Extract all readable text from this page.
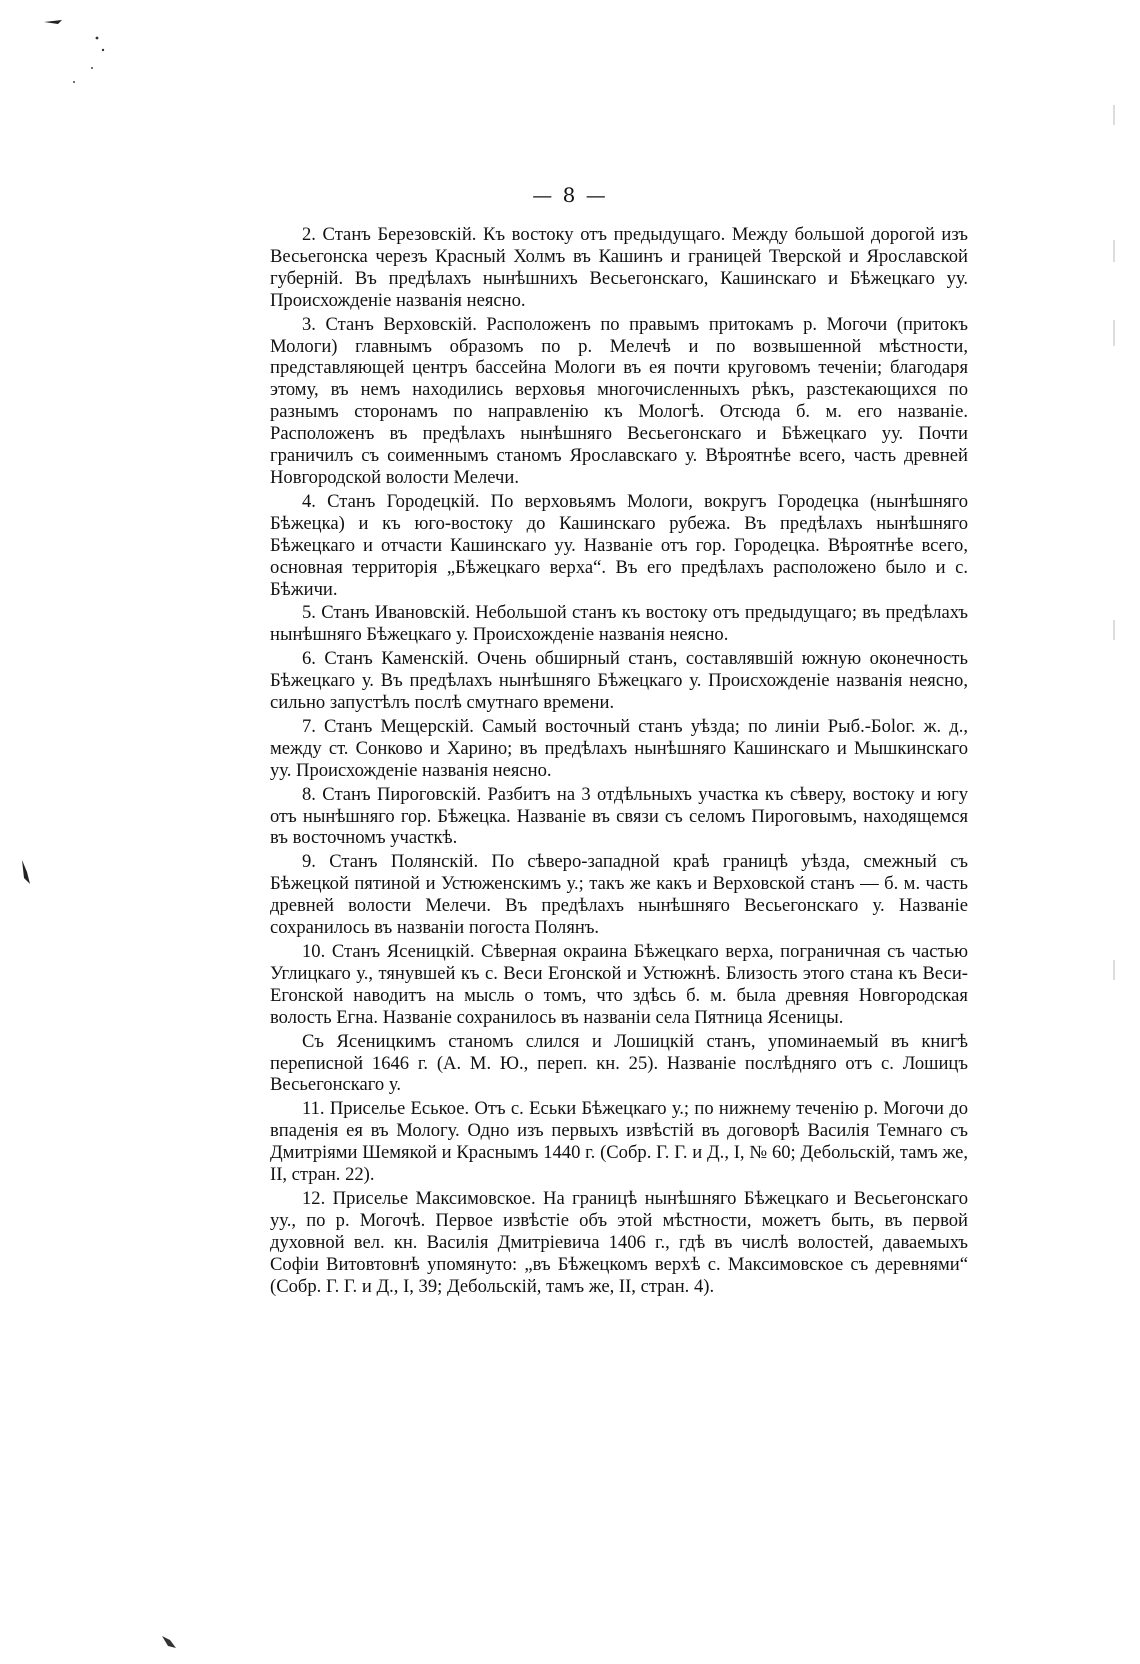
— 8 —

2. Станъ Березовскій. Къ востоку отъ предыдущаго. Между большой дорогой изъ Весьегонска черезъ Красный Холмъ въ Кашинъ и границей Тверской и Ярославской губерній. Въ предѣлахъ нынѣшнихъ Весьегонскаго, Кашинскаго и Бѣжецкаго уу. Происхожденіе названія неясно.

3. Станъ Верховскій. Расположенъ по правымъ притокамъ р. Могочи (притокъ Мологи) главнымъ образомъ по р. Мелечѣ и по возвышенной мѣстности, представляющей центръ бассейна Мологи въ ея почти круговомъ теченіи; благодаря этому, въ немъ находились верховья многочисленныхъ рѣкъ, разстекающихся по разнымъ сторонамъ по направленію къ Мологѣ. Отсюда б. м. его названіе. Расположенъ въ предѣлахъ нынѣшняго Весьегонскаго и Бѣжецкаго уу. Почти граничилъ съ соименнымъ станомъ Ярославскаго у. Вѣроятнѣе всего, часть древней Новгородской волости Мелечи.

4. Станъ Городецкій. По верховьямъ Мологи, вокругъ Городецка (нынѣшняго Бѣжецка) и къ юго-востоку до Кашинскаго рубежа. Въ предѣлахъ нынѣшняго Бѣжецкаго и отчасти Кашинскаго уу. Названіе отъ гор. Городецка. Вѣроятнѣе всего, основная территорія „Бѣжецкаго верха“. Въ его предѣлахъ расположено было и с. Бѣжичи.

5. Станъ Ивановскій. Небольшой станъ къ востоку отъ предыдущаго; въ предѣлахъ нынѣшняго Бѣжецкаго у. Происхожденіе названія неясно.

6. Станъ Каменскій. Очень обширный станъ, составлявшій южную оконечность Бѣжецкаго у. Въ предѣлахъ нынѣшняго Бѣжецкаго у. Происхожденіе названія неясно, сильно запустѣлъ послѣ смутнаго времени.

7. Станъ Мещерскій. Самый восточный станъ уѣзда; по линіи Рыб.-Бolог. ж. д., между ст. Сонково и Харино; въ предѣлахъ нынѣшняго Кашинскаго и Мышкинскаго уу. Происхожденіе названія неясно.

8. Станъ Пироговскій. Разбитъ на 3 отдѣльныхъ участка къ сѣверу, востоку и югу отъ нынѣшняго гор. Бѣжецка. Названіе въ связи съ селомъ Пироговымъ, находящемся въ восточномъ участкѣ.

9. Станъ Полянскій. По сѣверо-западной краѣ границѣ уѣзда, смежный съ Бѣжецкой пятиной и Устюженскимъ у.; такъ же какъ и Верховской станъ — б. м. часть древней волости Мелечи. Въ предѣлахъ нынѣшняго Весьегонскаго у. Названіе сохранилось въ названіи погоста Полянъ.

10. Станъ Ясеницкій. Сѣверная окраина Бѣжецкаго верха, пограничная съ частью Углицкаго у., тянувшей къ с. Веси Егонской и Устюжнѣ. Близость этого стана къ Веси-Егонской наводитъ на мысль о томъ, что здѣсь б. м. была древняя Новгородская волость Егна. Названіе сохранилось въ названіи села Пятница Ясеницы.

Съ Ясеницкимъ станомъ слился и Лошицкій станъ, упоминаемый въ книгѣ переписной 1646 г. (А. М. Ю., переп. кн. 25). Названіе послѣдняго отъ с. Лошицъ Весьегонскаго у.

11. Приселье Еськое. Отъ с. Еськи Бѣжецкаго у.; по нижнему теченію р. Могочи до впаденія ея въ Мологу. Одно изъ первыхъ извѣстій въ договорѣ Василія Темнаго съ Дмитріями Шемякой и Краснымъ 1440 г. (Собр. Г. Г. и Д., I, № 60; Дебольскій, тамъ же, II, стран. 22).

12. Приселье Максимовское. На границѣ нынѣшняго Бѣжецкаго и Весьегонскаго уу., по р. Могочѣ. Первое извѣстіе объ этой мѣстности, можетъ быть, въ первой духовной вел. кн. Василія Дмитріевича 1406 г., гдѣ въ числѣ волостей, даваемыхъ Софіи Витовтовнѣ упомянуто: „въ Бѣжецкомъ верхѣ с. Максимовское съ деревнями“ (Собр. Г. Г. и Д., I, 39; Дебольскій, тамъ же, II, стран. 4).
